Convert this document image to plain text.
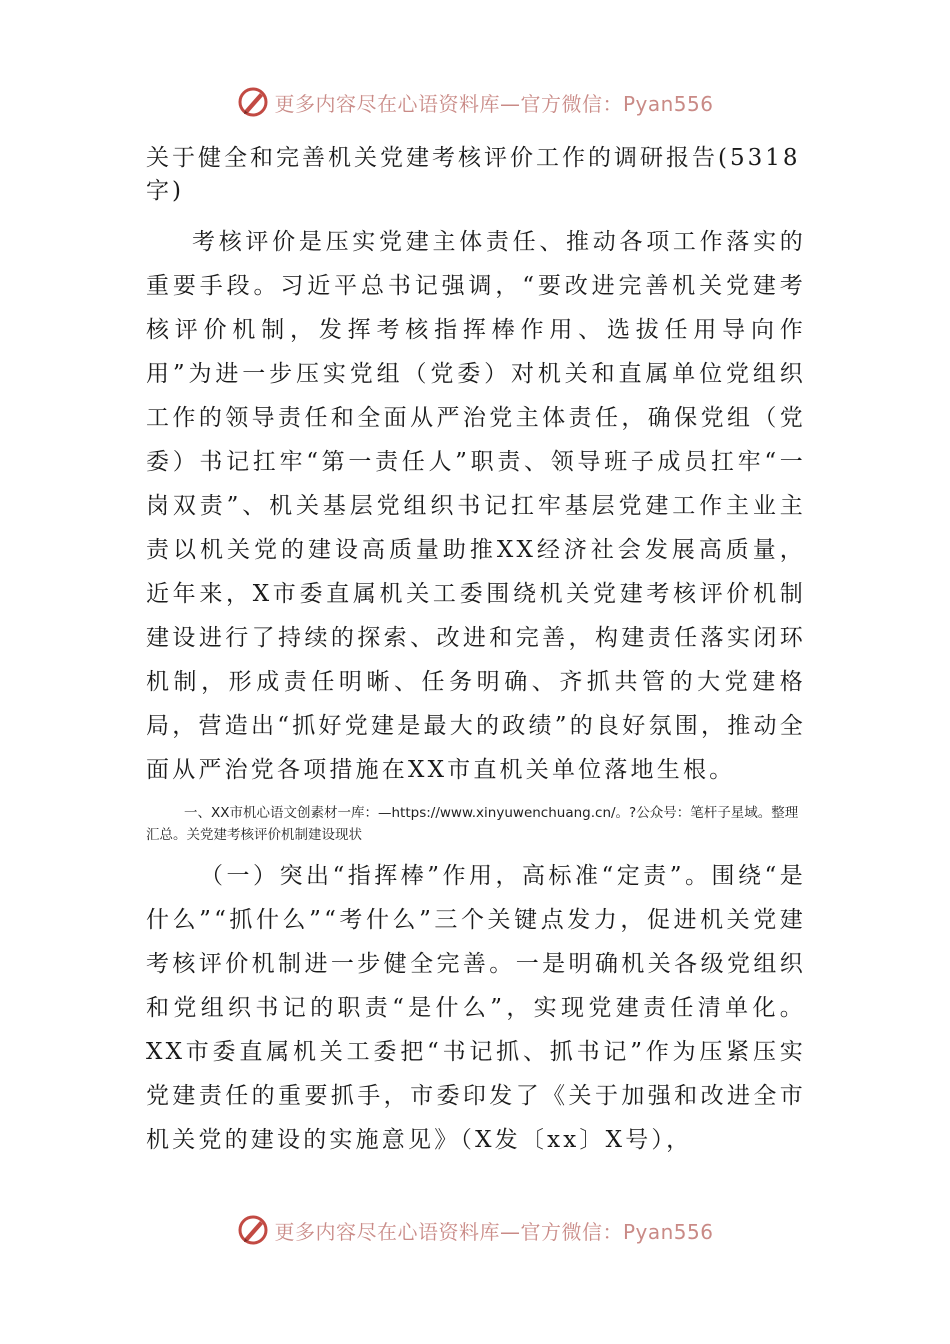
更多内容尽在心语资料库—官方微信：Pyan556
关于健全和完善机关党建考核评价工作的调研报告(5318字)

考核评价是压实党建主体责任、推动各项工作落实的重要手段。习近平总书记强调，“要改进完善机关党建考核评价机制，发挥考核指挥棒作用、选拔任用导向作用”为进一步压实党组（党委）对机关和直属单位党组织工作的领导责任和全面从严治党主体责任，确保党组（党委）书记扛牢“第一责任人”职责、领导班子成员扛牢“一岗双责”、机关基层党组织书记扛牢基层党建工作主业主责以机关党的建设高质量助推XX经济社会发展高质量，近年来，X市委直属机关工委围绕机关党建考核评价机制建设进行了持续的探索、改进和完善，构建责任落实闭环机制，形成责任明晰、任务明确、齐抓共管的大党建格局，营造出“抓好党建是最大的政绩”的良好氛围，推动全面从严治党各项措施在XX市直机关单位落地生根。

一、XX市机心语文创素材一库：—https://www.xinyuwenchuang.cn/。?公众号：笔杆子星域。整理汇总。关党建考核评价机制建设现状

（一）突出“指挥棒”作用，高标准“定责”。围绕“是什么”“抓什么”“考什么”三个关键点发力，促进机关党建考核评价机制进一步健全完善。一是明确机关各级党组织和党组织书记的职责“是什么”，实现党建责任清单化。XX市委直属机关工委把“书记抓、抓书记”作为压紧压实党建责任的重要抓手，市委印发了《关于加强和改进全市机关党的建设的实施意见》（X发〔xx〕X号），

更多内容尽在心语资料库—官方微信：Pyan556
